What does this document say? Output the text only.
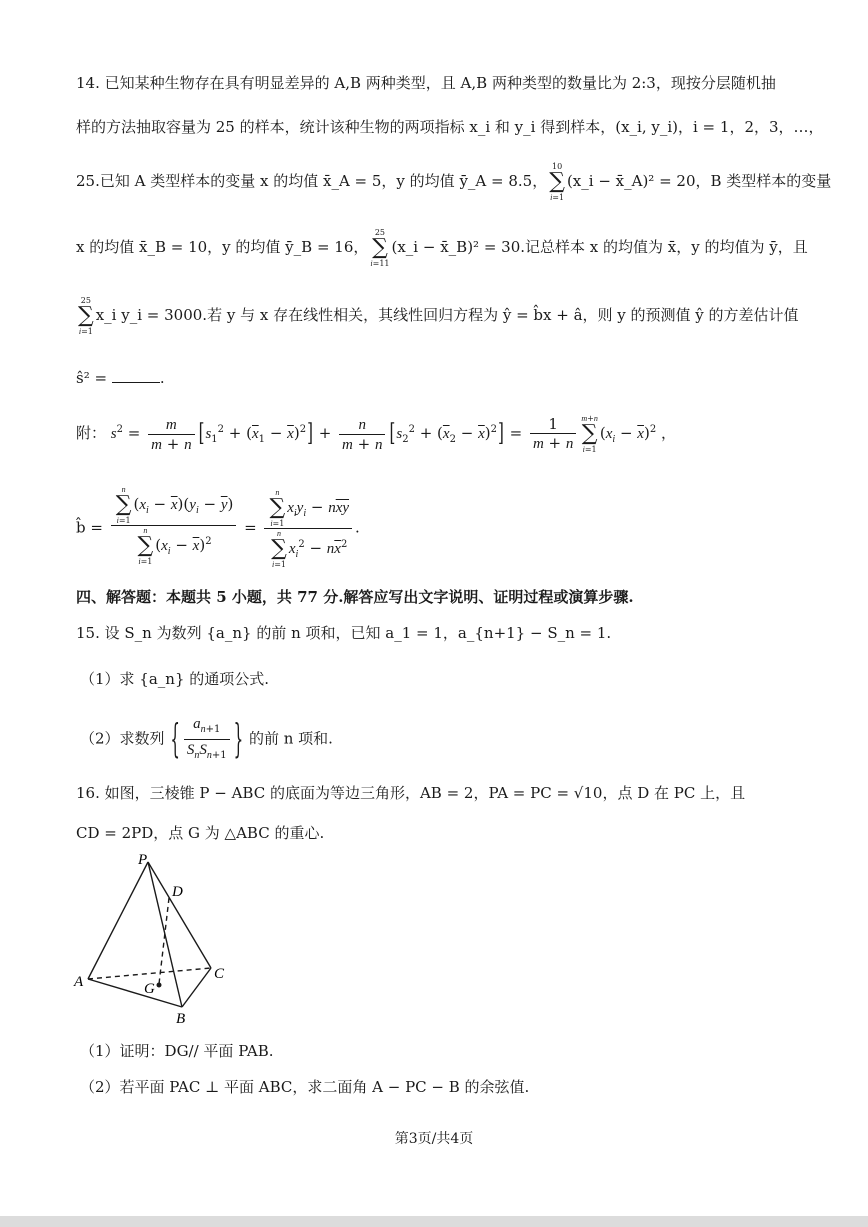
14. 已知某种生物存在具有明显差异的 A,B 两种类型，且 A,B 两种类型的数量比为 2:3，现按分层随机抽
样的方法抽取容量为 25 的样本，统计该种生物的两项指标 x_i 和 y_i 得到样本，(x_i, y_i)，i = 1，2，3，…，
25.已知 A 类型样本的变量 x 的均值 x̄_A = 5，y 的均值 ȳ_A = 8.5，
10
∑
i=1
(x_i − x̄_A)² = 20，B 类型样本的变量
x 的均值 x̄_B = 10，y 的均值 ȳ_B = 16，
25
∑
i=11
(x_i − x̄_B)² = 30.记总样本 x 的均值为 x̄，y 的均值为 ȳ，且
25
∑
i=1
x_i y_i = 3000.若 y 与 x 存在线性相关，其线性回归方程为 ŷ = b̂x + â，则 y 的预测值 ŷ 的方差估计值
ŝ² =	.
附： $s^2 = \frac{m}{m + n} [s_1^2 + (\overline{x}_1 - \overline{x})^2] + \frac{n}{m + n} [s_2^2 + (\overline{x}_2 - \overline{x})^2] = \frac{1}{m + n} m+n$
∑
i=1
$(x_i - \overline{x})^2$ ，
b̂ = n
∑
i=1
$(x_i - \overline{x})(y_i - \overline{y})$
n
∑
i=1
$(x_i - \overline{x})^2 = n$
∑
i=1
$x_iy_i - n\overline{xy}$
n
∑
i=1
$x_i^2 - n\overline{x}^2$ .
四、解答题：本题共 5 小题，共 77 分.解答应写出文字说明、证明过程或演算步骤.
15. 设 S_n 为数列 {a_n} 的前 n 项和，已知 a_1 = 1，a_{n+1} − S_n = 1.
（1）求 {a_n} 的通项公式.
（2）求数列 { $\frac{a_{n+1}}{S_nS_{n+1}}$ } 的前 n 项和.
16. 如图，三棱锥 P − ABC 的底面为等边三角形，AB = 2，PA = PC = √10，点 D 在 PC 上，且
CD = 2PD，点 G 为 △ABC 的重心.
P
D
A	G
C
B
（1）证明：DG// 平面 PAB.
（2）若平面 PAC ⊥ 平面 ABC，求二面角 A − PC − B 的余弦值.
第3页/共4页
